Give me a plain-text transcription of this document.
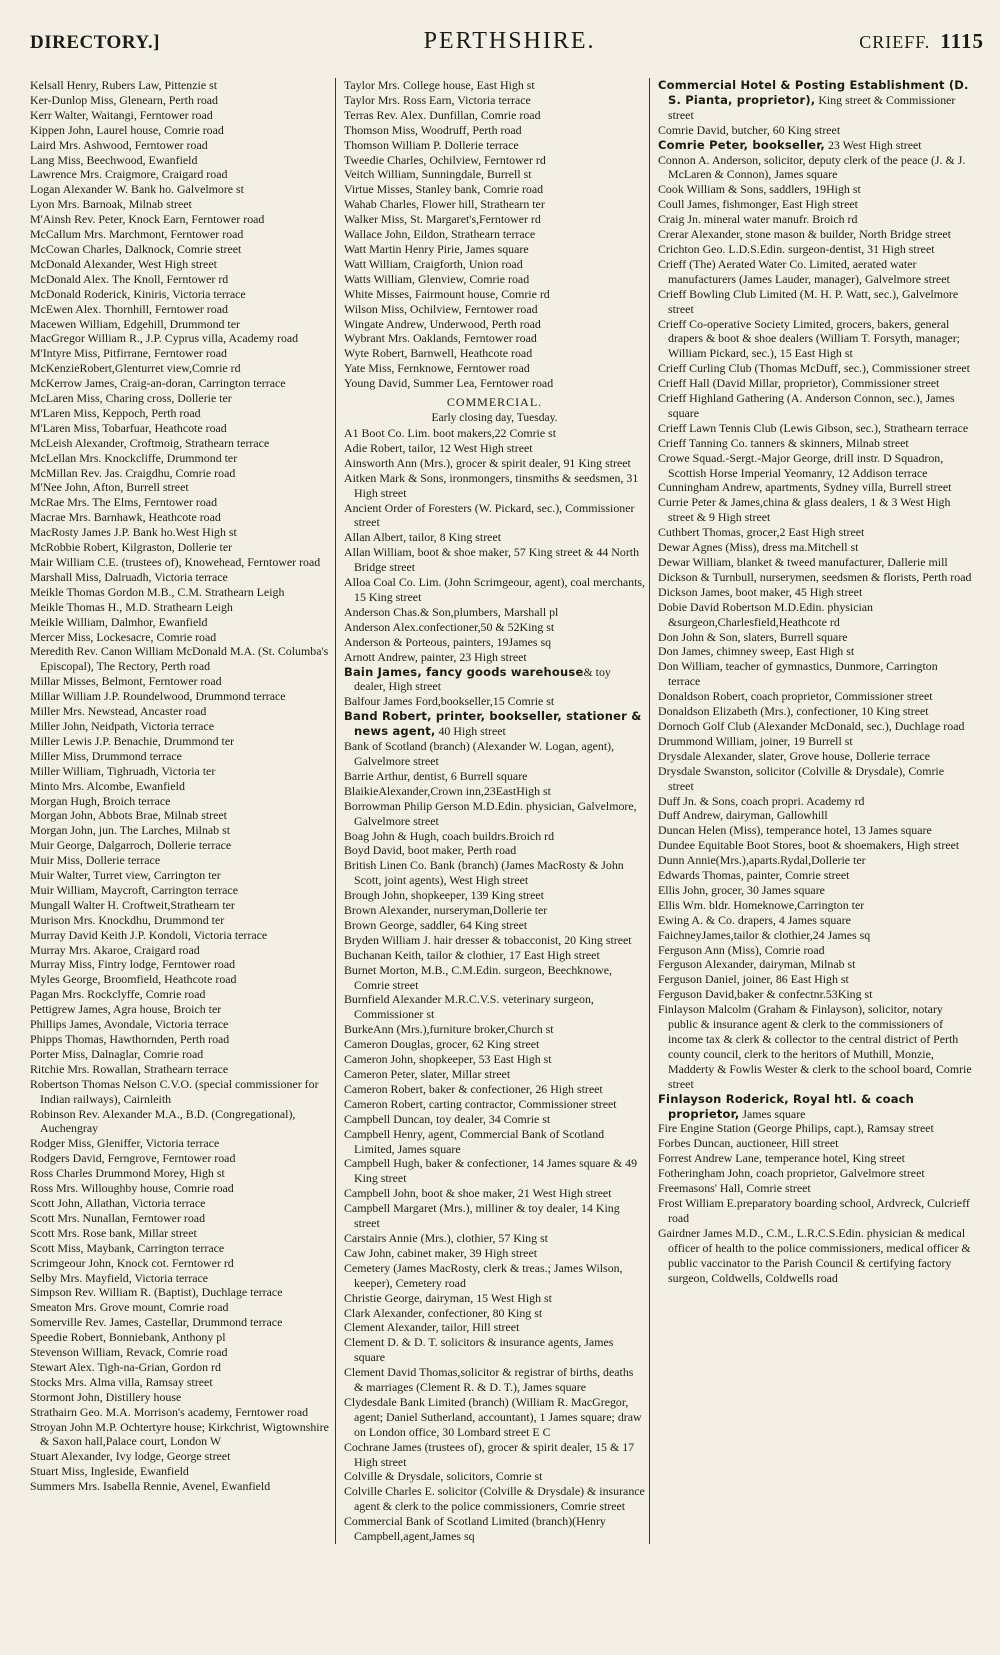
DIRECTORY.]	PERTHSHIRE.	CRIEFF. 1115

Kelsall Henry, Rubers Law, Pittenzie st

Ker-Dunlop Miss, Glenearn, Perth road

Kerr Walter, Waitangi, Ferntower road

Kippen John, Laurel house, Comrie road

Laird Mrs. Ashwood, Ferntower road

Lang Miss, Beechwood, Ewanfield

Lawrence Mrs. Craigmore, Craigard road

Logan Alexander W. Bank ho. Galvelmore st

Lyon Mrs. Barnoak, Milnab street

M'Ainsh Rev. Peter, Knock Earn, Ferntower road

McCallum Mrs. Marchmont, Ferntower road

McCowan Charles, Dalknock, Comrie street

McDonald Alexander, West High street

McDonald Alex. The Knoll, Ferntower rd

McDonald Roderick, Kiniris, Victoria terrace

McEwen Alex. Thornhill, Ferntower road

Macewen William, Edgehill, Drummond ter

MacGregor William R., J.P. Cyprus villa, Academy road

M'Intyre Miss, Pitfirrane, Ferntower road

McKenzieRobert,Glenturret view,Comrie rd

McKerrow James, Craig-an-doran, Carrington terrace

McLaren Miss, Charing cross, Dollerie ter

M'Laren Miss, Keppoch, Perth road

M'Laren Miss, Tobarfuar, Heathcote road

McLeish Alexander, Croftmoig, Strathearn terrace

McLellan Mrs. Knockcliffe, Drummond ter

McMillan Rev. Jas. Craigdhu, Comrie road

M'Nee John, Afton, Burrell street

McRae Mrs. The Elms, Ferntower road

Macrae Mrs. Barnhawk, Heathcote road

MacRosty James J.P. Bank ho.West High st

McRobbie Robert, Kilgraston, Dollerie ter

Mair William C.E. (trustees of), Knowehead, Ferntower road

Marshall Miss, Dalruadh, Victoria terrace

Meikle Thomas Gordon M.B., C.M. Strathearn Leigh

Meikle Thomas H., M.D. Strathearn Leigh

Meikle William, Dalmhor, Ewanfield

Mercer Miss, Lockesacre, Comrie road

Meredith Rev. Canon William McDonald M.A. (St. Columba's Episcopal), The Rectory, Perth road

Millar Misses, Belmont, Ferntower road

Millar William J.P. Roundelwood, Drummond terrace

Miller Mrs. Newstead, Ancaster road

Miller John, Neidpath, Victoria terrace

Miller Lewis J.P. Benachie, Drummond ter

Miller Miss, Drummond terrace

Miller William, Tighruadh, Victoria ter

Minto Mrs. Alcombe, Ewanfield

Morgan Hugh, Broich terrace

Morgan John, Abbots Brae, Milnab street

Morgan John, jun. The Larches, Milnab st

Muir George, Dalgarroch, Dollerie terrace

Muir Miss, Dollerie terrace

Muir Walter, Turret view, Carrington ter

Muir William, Maycroft, Carrington terrace

Mungall Walter H. Croftweit,Strathearn ter

Murison Mrs. Knockdhu, Drummond ter

Murray David Keith J.P. Kondoli, Victoria terrace

Murray Mrs. Akaroe, Craigard road

Murray Miss, Fintry lodge, Ferntower road

Myles George, Broomfield, Heathcote road

Pagan Mrs. Rockclyffe, Comrie road

Pettigrew James, Agra house, Broich ter

Phillips James, Avondale, Victoria terrace

Phipps Thomas, Hawthornden, Perth road

Porter Miss, Dalnaglar, Comrie road

Ritchie Mrs. Rowallan, Strathearn terrace

Robertson Thomas Nelson C.V.O. (special commissioner for Indian railways), Cairnleith

Robinson Rev. Alexander M.A., B.D. (Congregational), Auchengray

Rodger Miss, Gleniffer, Victoria terrace

Rodgers David, Ferngrove, Ferntower road

Ross Charles Drummond Morey, High st

Ross Mrs. Willoughby house, Comrie road

Scott John, Allathan, Victoria terrace

Scott Mrs. Nunallan, Ferntower road

Scott Mrs. Rose bank, Millar street

Scott Miss, Maybank, Carrington terrace

Scrimgeour John, Knock cot. Ferntower rd

Selby Mrs. Mayfield, Victoria terrace

Simpson Rev. William R. (Baptist), Duchlage terrace

Smeaton Mrs. Grove mount, Comrie road

Somerville Rev. James, Castellar, Drummond terrace

Speedie Robert, Bonniebank, Anthony pl

Stevenson William, Revack, Comrie road

Stewart Alex. Tigh-na-Grian, Gordon rd

Stocks Mrs. Alma villa, Ramsay street

Stormont John, Distillery house

Strathairn Geo. M.A. Morrison's academy, Ferntower road

Stroyan John M.P. Ochtertyre house; Kirkchrist, Wigtownshire & Saxon hall,Palace court, London W

Stuart Alexander, Ivy lodge, George street

Stuart Miss, Ingleside, Ewanfield

Summers Mrs. Isabella Rennie, Avenel, Ewanfield

Taylor Mrs. College house, East High st

Taylor Mrs. Ross Earn, Victoria terrace

Terras Rev. Alex. Dunfillan, Comrie road

Thomson Miss, Woodruff, Perth road

Thomson William P. Dollerie terrace

Tweedie Charles, Ochilview, Ferntower rd

Veitch William, Sunningdale, Burrell st

Virtue Misses, Stanley bank, Comrie road

Wahab Charles, Flower hill, Strathearn ter

Walker Miss, St. Margaret's,Ferntower rd

Wallace John, Eildon, Strathearn terrace

Watt Martin Henry Pirie, James square

Watt William, Craigforth, Union road

Watts William, Glenview, Comrie road

White Misses, Fairmount house, Comrie rd

Wilson Miss, Ochilview, Ferntower road

Wingate Andrew, Underwood, Perth road

Wybrant Mrs. Oaklands, Ferntower road

Wyte Robert, Barnwell, Heathcote road

Yate Miss, Fernknowe, Ferntower road

Young David, Summer Lea, Ferntower road

COMMERCIAL.

Early closing day, Tuesday.

A1 Boot Co. Lim. boot makers,22 Comrie st

Adie Robert, tailor, 12 West High street

Ainsworth Ann (Mrs.), grocer & spirit dealer, 91 King street

Aitken Mark & Sons, ironmongers, tinsmiths & seedsmen, 31 High street

Ancient Order of Foresters (W. Pickard, sec.), Commissioner street

Allan Albert, tailor, 8 King street

Allan William, boot & shoe maker, 57 King street & 44 North Bridge street

Alloa Coal Co. Lim. (John Scrimgeour, agent), coal merchants, 15 King street

Anderson Chas.& Son,plumbers, Marshall pl

Anderson Alex.confectioner,50 & 52King st

Anderson & Porteous, painters, 19James sq

Arnott Andrew, painter, 23 High street

Bain James, fancy goods warehouse& toy dealer, High street

Balfour James Ford,bookseller,15 Comrie st

Band Robert, printer, bookseller, stationer & news agent, 40 High street

Bank of Scotland (branch) (Alexander W. Logan, agent), Galvelmore street

Barrie Arthur, dentist, 6 Burrell square

BlaikieAlexander,Crown inn,23EastHigh st

Borrowman Philip Gerson M.D.Edin. physician, Galvelmore, Galvelmore street

Boag John & Hugh, coach buildrs.Broich rd

Boyd David, boot maker, Perth road

British Linen Co. Bank (branch) (James MacRosty & John Scott, joint agents), West High street

Brough John, shopkeeper, 139 King street

Brown Alexander, nurseryman,Dollerie ter

Brown George, saddler, 64 King street

Bryden William J. hair dresser & tobacconist, 20 King street

Buchanan Keith, tailor & clothier, 17 East High street

Burnet Morton, M.B., C.M.Edin. surgeon, Beechknowe, Comrie street

Burnfield Alexander M.R.C.V.S. veterinary surgeon, Commissioner st

BurkeAnn (Mrs.),furniture broker,Church st

Cameron Douglas, grocer, 62 King street

Cameron John, shopkeeper, 53 East High st

Cameron Peter, slater, Millar street

Cameron Robert, baker & confectioner, 26 High street

Cameron Robert, carting contractor, Commissioner street

Campbell Duncan, toy dealer, 34 Comrie st

Campbell Henry, agent, Commercial Bank of Scotland Limited, James square

Campbell Hugh, baker & confectioner, 14 James square & 49 King street

Campbell John, boot & shoe maker, 21 West High street

Campbell Margaret (Mrs.), milliner & toy dealer, 14 King street

Carstairs Annie (Mrs.), clothier, 57 King st

Caw John, cabinet maker, 39 High street

Cemetery (James MacRosty, clerk & treas.; James Wilson, keeper), Cemetery road

Christie George, dairyman, 15 West High st

Clark Alexander, confectioner, 80 King st

Clement Alexander, tailor, Hill street

Clement D. & D. T. solicitors & insurance agents, James square

Clement David Thomas,solicitor & registrar of births, deaths & marriages (Clement R. & D. T.), James square

Clydesdale Bank Limited (branch) (William R. MacGregor, agent; Daniel Sutherland, accountant), 1 James square; draw on London office, 30 Lombard street E C

Cochrane James (trustees of), grocer & spirit dealer, 15 & 17 High street

Colville & Drysdale, solicitors, Comrie st

Colville Charles E. solicitor (Colville & Drysdale) & insurance agent & clerk to the police commissioners, Comrie street

Commercial Bank of Scotland Limited (branch)(Henry Campbell,agent,James sq

Commercial Hotel & Posting Establishment (D. S. Pianta, proprietor), King street & Commissioner street

Comrie David, butcher, 60 King street

Comrie Peter, bookseller, 23 West High street

Connon A. Anderson, solicitor, deputy clerk of the peace (J. & J. McLaren & Connon), James square

Cook William & Sons, saddlers, 19High st

Coull James, fishmonger, East High street

Craig Jn. mineral water manufr. Broich rd

Crerar Alexander, stone mason & builder, North Bridge street

Crichton Geo. L.D.S.Edin. surgeon-dentist, 31 High street

Crieff (The) Aerated Water Co. Limited, aerated water manufacturers (James Lauder, manager), Galvelmore street

Crieff Bowling Club Limited (M. H. P. Watt, sec.), Galvelmore street

Crieff Co-operative Society Limited, grocers, bakers, general drapers & boot & shoe dealers (William T. Forsyth, manager; William Pickard, sec.), 15 East High st

Crieff Curling Club (Thomas McDuff, sec.), Commissioner street

Crieff Hall (David Millar, proprietor), Commissioner street

Crieff Highland Gathering (A. Anderson Connon, sec.), James square

Crieff Lawn Tennis Club (Lewis Gibson, sec.), Strathearn terrace

Crieff Tanning Co. tanners & skinners, Milnab street

Crowe Squad.-Sergt.-Major George, drill instr. D Squadron, Scottish Horse Imperial Yeomanry, 12 Addison terrace

Cunningham Andrew, apartments, Sydney villa, Burrell street

Currie Peter & James,china & glass dealers, 1 & 3 West High street & 9 High street

Cuthbert Thomas, grocer,2 East High street

Dewar Agnes (Miss), dress ma.Mitchell st

Dewar William, blanket & tweed manufacturer, Dallerie mill

Dickson & Turnbull, nurserymen, seedsmen & florists, Perth road

Dickson James, boot maker, 45 High street

Dobie David Robertson M.D.Edin. physician &surgeon,Charlesfield,Heathcote rd

Don John & Son, slaters, Burrell square

Don James, chimney sweep, East High st

Don William, teacher of gymnastics, Dunmore, Carrington terrace

Donaldson Robert, coach proprietor, Commissioner street

Donaldson Elizabeth (Mrs.), confectioner, 10 King street

Dornoch Golf Club (Alexander McDonald, sec.), Duchlage road

Drummond William, joiner, 19 Burrell st

Drysdale Alexander, slater, Grove house, Dollerie terrace

Drysdale Swanston, solicitor (Colville & Drysdale), Comrie street

Duff Jn. & Sons, coach propri. Academy rd

Duff Andrew, dairyman, Gallowhill

Duncan Helen (Miss), temperance hotel, 13 James square

Dundee Equitable Boot Stores, boot & shoemakers, High street

Dunn Annie(Mrs.),aparts.Rydal,Dollerie ter

Edwards Thomas, painter, Comrie street

Ellis John, grocer, 30 James square

Ellis Wm. bldr. Homeknowe,Carrington ter

Ewing A. & Co. drapers, 4 James square

FaichneyJames,tailor & clothier,24 James sq

Ferguson Ann (Miss), Comrie road

Ferguson Alexander, dairyman, Milnab st

Ferguson Daniel, joiner, 86 East High st

Ferguson David,baker & confectnr.53King st

Finlayson Malcolm (Graham & Finlayson), solicitor, notary public & insurance agent & clerk to the commissioners of income tax & clerk & collector to the central district of Perth county council, clerk to the heritors of Muthill, Monzie, Madderty & Fowlis Wester & clerk to the school board, Comrie street

Finlayson Roderick, Royal htl. & coach proprietor, James square

Fire Engine Station (George Philips, capt.), Ramsay street

Forbes Duncan, auctioneer, Hill street

Forrest Andrew Lane, temperance hotel, King street

Fotheringham John, coach proprietor, Galvelmore street

Freemasons' Hall, Comrie street

Frost William E.preparatory boarding school, Ardvreck, Culcrieff road

Gairdner James M.D., C.M., L.R.C.S.Edin. physician & medical officer of health to the police commissioners, medical officer & public vaccinator to the Parish Council & certifying factory surgeon, Coldwells, Coldwells road
